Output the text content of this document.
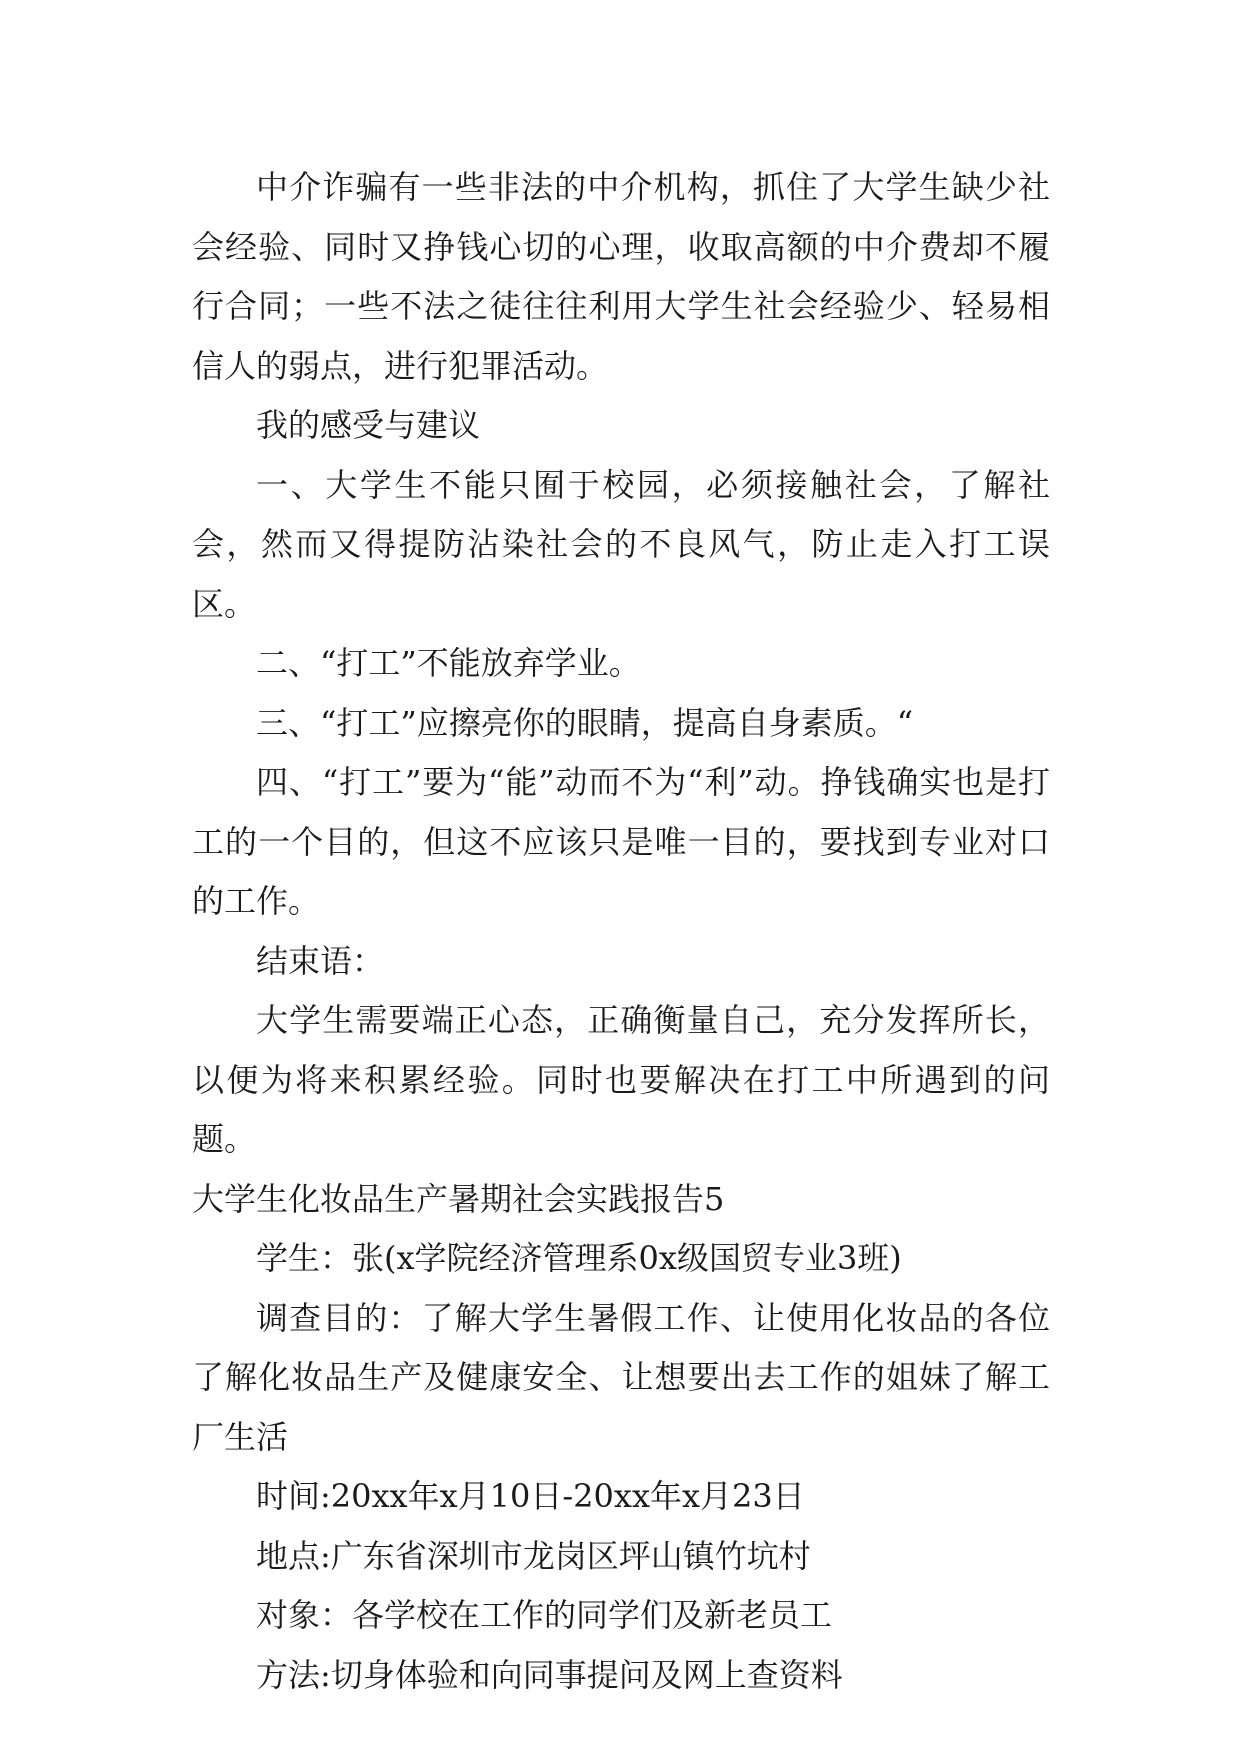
中介诈骗有一些非法的中介机构，抓住了大学生缺少社会经验、同时又挣钱心切的心理，收取高额的中介费却不履行合同；一些不法之徒往往利用大学生社会经验少、轻易相信人的弱点，进行犯罪活动。

我的感受与建议

一、大学生不能只囿于校园，必须接触社会，了解社会，然而又得提防沾染社会的不良风气，防止走入打工误区。

二、“打工”不能放弃学业。

三、“打工”应擦亮你的眼睛，提高自身素质。“

四、“打工”要为“能”动而不为“利”动。挣钱确实也是打工的一个目的，但这不应该只是唯一目的，要找到专业对口的工作。

结束语：

大学生需要端正心态，正确衡量自己，充分发挥所长，以便为将来积累经验。同时也要解决在打工中所遇到的问题。

大学生化妆品生产暑期社会实践报告5

学生：张(x学院经济管理系0x级国贸专业3班)

调查目的：了解大学生暑假工作、让使用化妆品的各位了解化妆品生产及健康安全、让想要出去工作的姐妹了解工厂生活

时间:20xx年x月10日-20xx年x月23日

地点:广东省深圳市龙岗区坪山镇竹坑村

对象：各学校在工作的同学们及新老员工

方法:切身体验和向同事提问及网上查资料
